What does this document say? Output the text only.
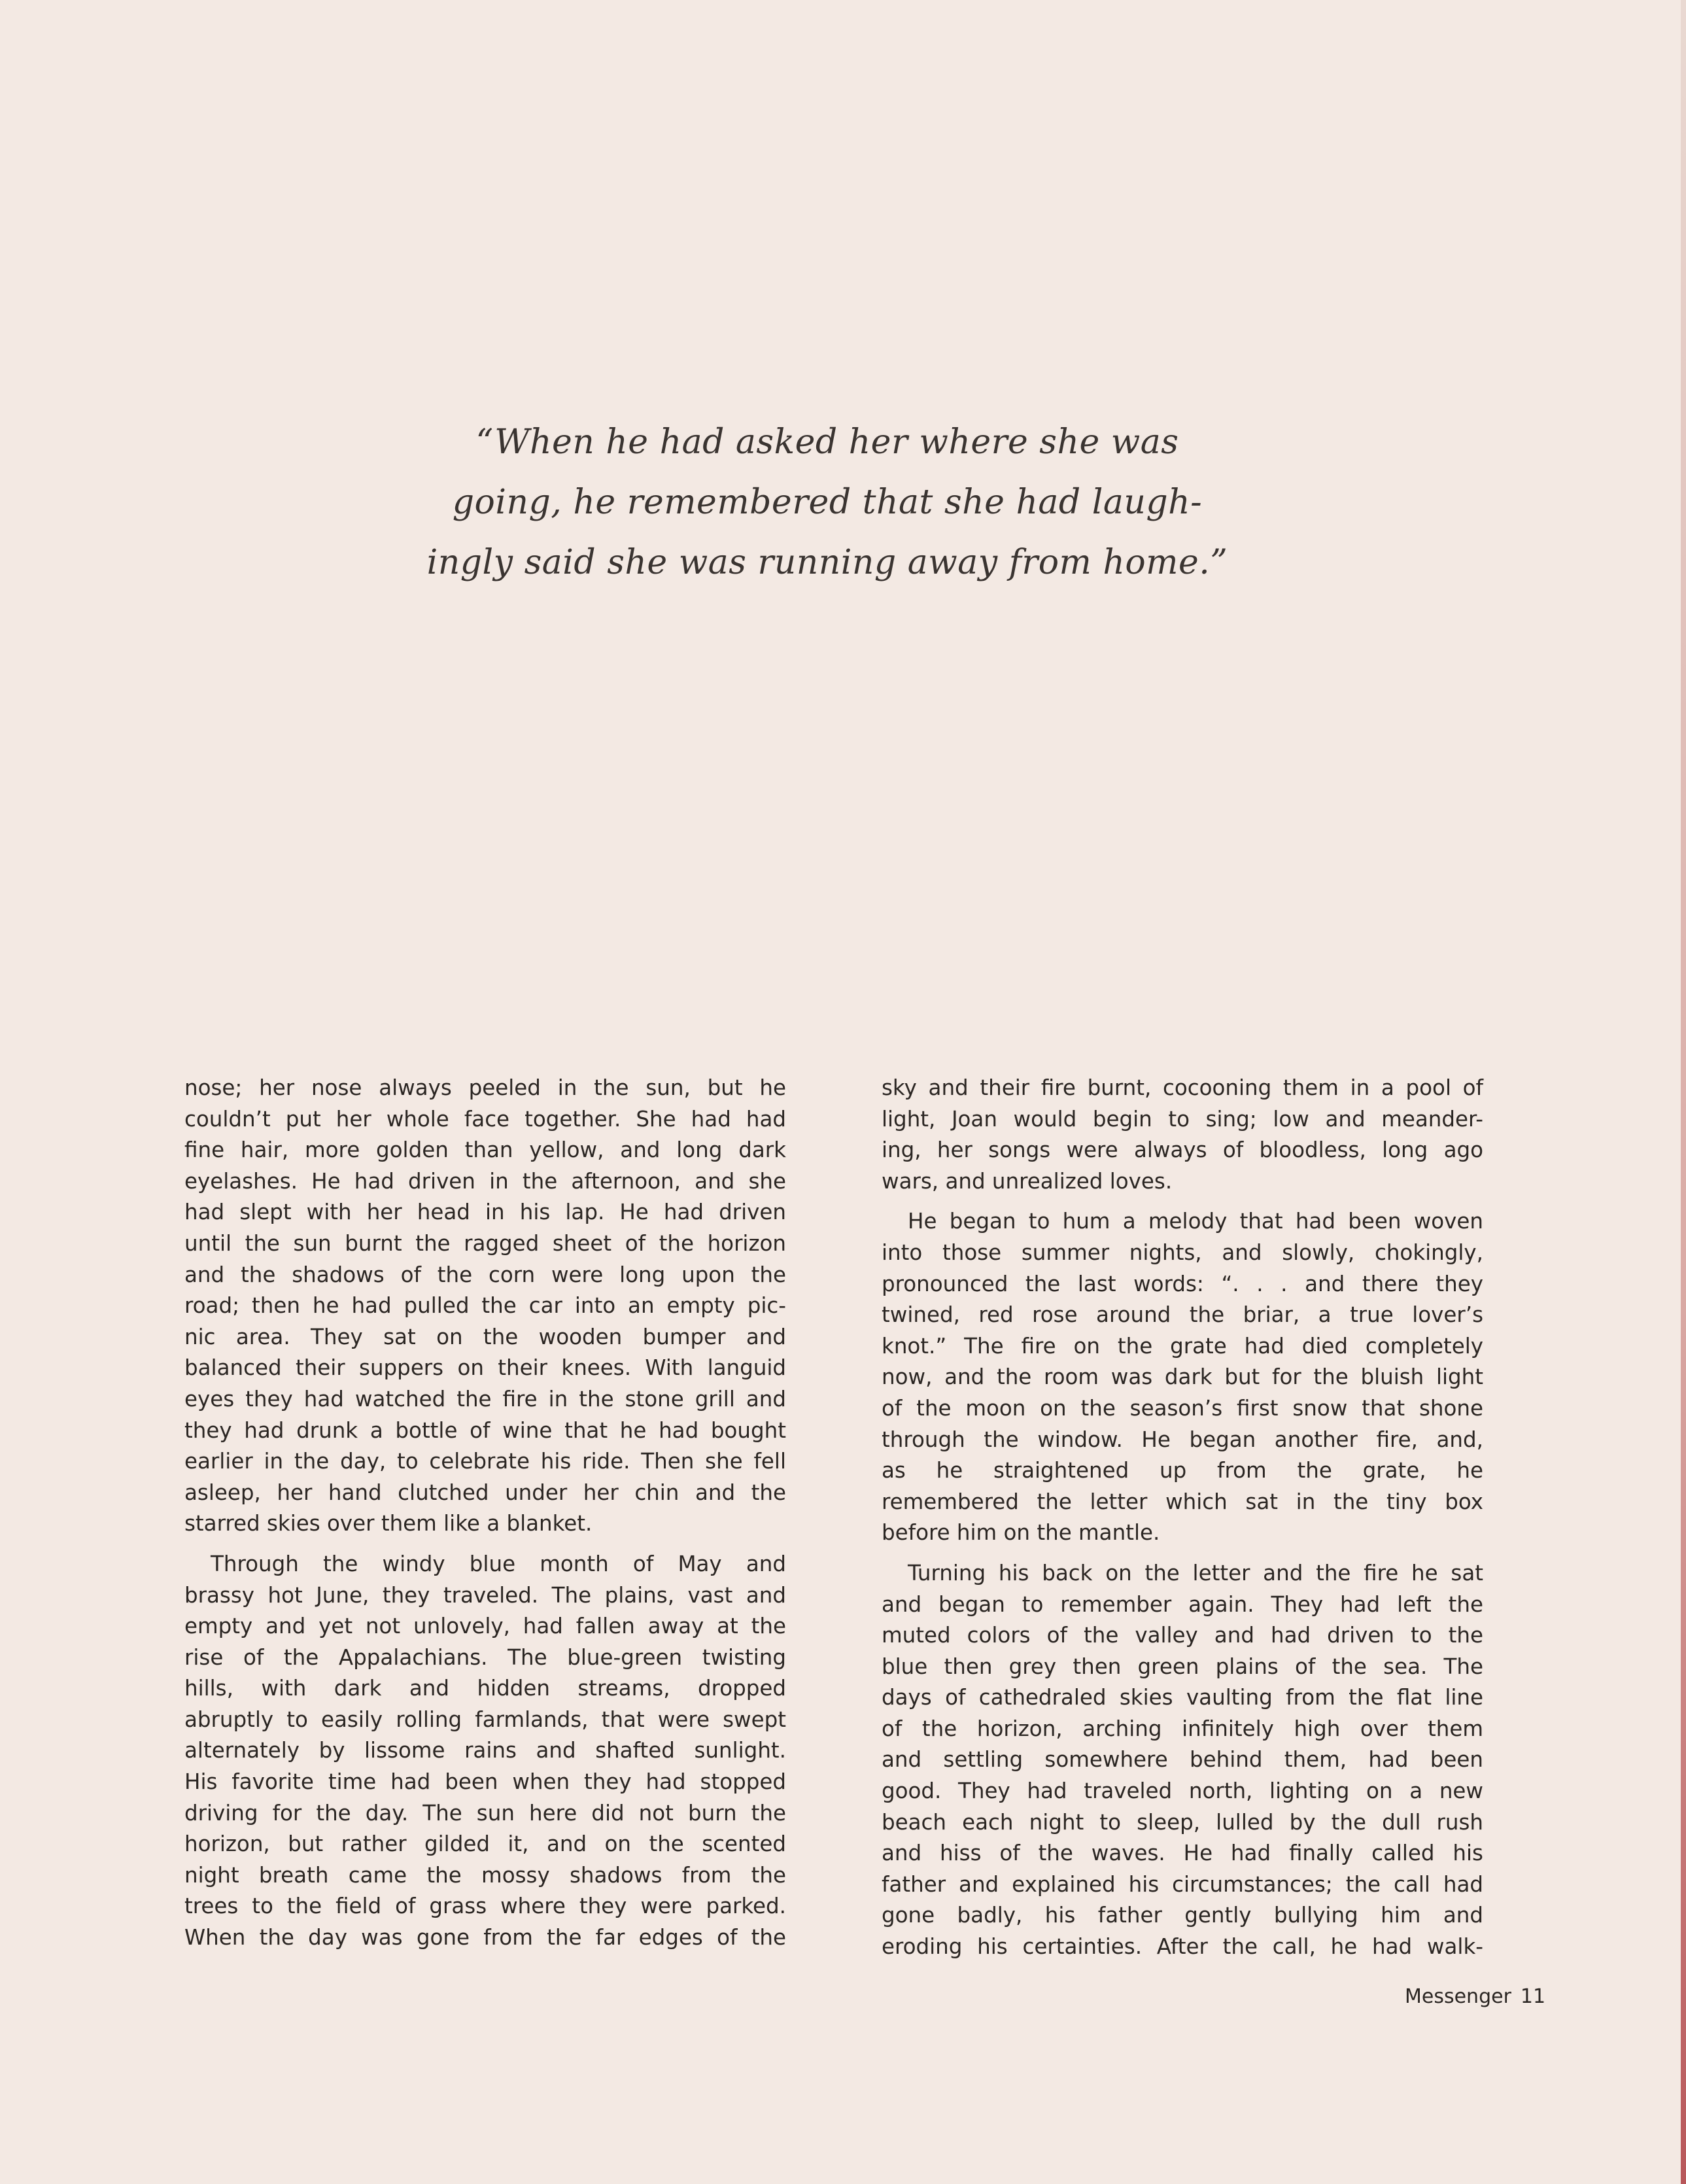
“When he had asked her where she was
going, he remembered that she had laugh-
ingly said she was running away from home.”
nose; her nose always peeled in the sun, but he
couldn’t put her whole face together. She had had
fine hair, more golden than yellow, and long dark
eyelashes. He had driven in the afternoon, and she
had slept with her head in his lap. He had driven
until the sun burnt the ragged sheet of the horizon
and the shadows of the corn were long upon the
road; then he had pulled the car into an empty pic-
nic area. They sat on the wooden bumper and
balanced their suppers on their knees. With languid
eyes they had watched the fire in the stone grill and
they had drunk a bottle of wine that he had bought
earlier in the day, to celebrate his ride. Then she fell
asleep, her hand clutched under her chin and the
starred skies over them like a blanket.
Through the windy blue month of May and
brassy hot June, they traveled. The plains, vast and
empty and yet not unlovely, had fallen away at the
rise of the Appalachians. The blue-green twisting
hills, with dark and hidden streams, dropped
abruptly to easily rolling farmlands, that were swept
alternately by lissome rains and shafted sunlight.
His favorite time had been when they had stopped
driving for the day. The sun here did not burn the
horizon, but rather gilded it, and on the scented
night breath came the mossy shadows from the
trees to the field of grass where they were parked.
When the day was gone from the far edges of the
sky and their fire burnt, cocooning them in a pool of
light, Joan would begin to sing; low and meander-
ing, her songs were always of bloodless, long ago
wars, and unrealized loves.
He began to hum a melody that had been woven
into those summer nights, and slowly, chokingly,
pronounced the last words: “. . . and there they
twined, red rose around the briar, a true lover’s
knot.” The fire on the grate had died completely
now, and the room was dark but for the bluish light
of the moon on the season’s first snow that shone
through the window. He began another fire, and,
as he straightened up from the grate, he
remembered the letter which sat in the tiny box
before him on the mantle.
Turning his back on the letter and the fire he sat
and began to remember again. They had left the
muted colors of the valley and had driven to the
blue then grey then green plains of the sea. The
days of cathedraled skies vaulting from the flat line
of the horizon, arching infinitely high over them
and settling somewhere behind them, had been
good. They had traveled north, lighting on a new
beach each night to sleep, lulled by the dull rush
and hiss of the waves. He had finally called his
father and explained his circumstances; the call had
gone badly, his father gently bullying him and
eroding his certainties. After the call, he had walk-
Messenger 11
